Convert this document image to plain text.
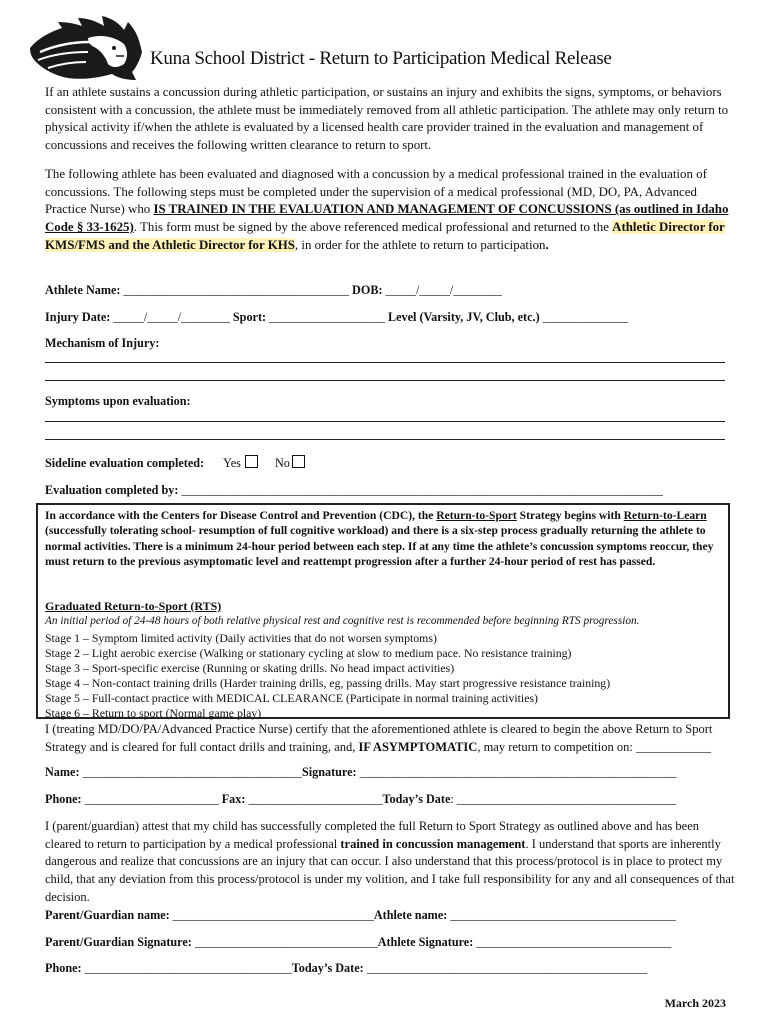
Kuna School District - Return to Participation Medical Release
If an athlete sustains a concussion during athletic participation, or sustains an injury and exhibits the signs, symptoms, or behaviors consistent with a concussion, the athlete must be immediately removed from all athletic participation. The athlete may only return to physical activity if/when the athlete is evaluated by a licensed health care provider trained in the evaluation and management of concussions and receives the following written clearance to return to sport.
The following athlete has been evaluated and diagnosed with a concussion by a medical professional trained in the evaluation of concussions. The following steps must be completed under the supervision of a medical professional (MD, DO, PA, Advanced Practice Nurse) who IS TRAINED IN THE EVALUATION AND MANAGEMENT OF CONCUSSIONS (as outlined in Idaho Code § 33-1625). This form must be signed by the above referenced medical professional and returned to the Athletic Director for KMS/FMS and the Athletic Director for KHS, in order for the athlete to return to participation.
Athlete Name: _____________________________________ DOB: _____/_____/________
Injury Date: _____/_____/________ Sport: ___________________ Level (Varsity, JV, Club, etc.) ______________
Mechanism of Injury:
Symptoms upon evaluation:
Sideline evaluation completed: Yes	No
Evaluation completed by: _______________________________________________________________________________
In accordance with the Centers for Disease Control and Prevention (CDC), the Return-to-Sport Strategy begins with Return-to-Learn (successfully tolerating school- resumption of full cognitive workload) and there is a six-step process gradually returning the athlete to normal activities. There is a minimum 24-hour period between each step. If at any time the athlete’s concussion symptoms reoccur, they must return to the previous asymptomatic level and reattempt progression after a further 24-hour period of rest has passed.
Graduated Return-to-Sport (RTS)
An initial period of 24-48 hours of both relative physical rest and cognitive rest is recommended before beginning RTS progression.
Stage 1 – Symptom limited activity (Daily activities that do not worsen symptoms)
Stage 2 – Light aerobic exercise (Walking or stationary cycling at slow to medium pace. No resistance training)
Stage 3 – Sport-specific exercise (Running or skating drills. No head impact activities)
Stage 4 – Non-contact training drills (Harder training drills, eg, passing drills. May start progressive resistance training)
Stage 5 – Full-contact practice with MEDICAL CLEARANCE (Participate in normal training activities)
Stage 6 – Return to sport (Normal game play)
I (treating MD/DO/PA/Advanced Practice Nurse) certify that the aforementioned athlete is cleared to begin the above Return to Sport Strategy and is cleared for full contact drills and training, and, IF ASYMPTOMATIC, may return to competition on: ____________
Name: ____________________________________Signature: ____________________________________________________
Phone: ______________________ Fax: ______________________Today’s Date: ____________________________________
I (parent/guardian) attest that my child has successfully completed the full Return to Sport Strategy as outlined above and has been cleared to return to participation by a medical professional trained in concussion management. I understand that sports are inherently dangerous and realize that concussions are an injury that can occur. I also understand that this process/protocol is in place to protect my child, that any deviation from this process/protocol is under my volition, and I take full responsibility for any and all consequences of that decision.
Parent/Guardian name: _________________________________Athlete name: _____________________________________
Parent/Guardian Signature: ______________________________Athlete Signature: ________________________________
Phone: __________________________________Today’s Date: ______________________________________________
March 2023
